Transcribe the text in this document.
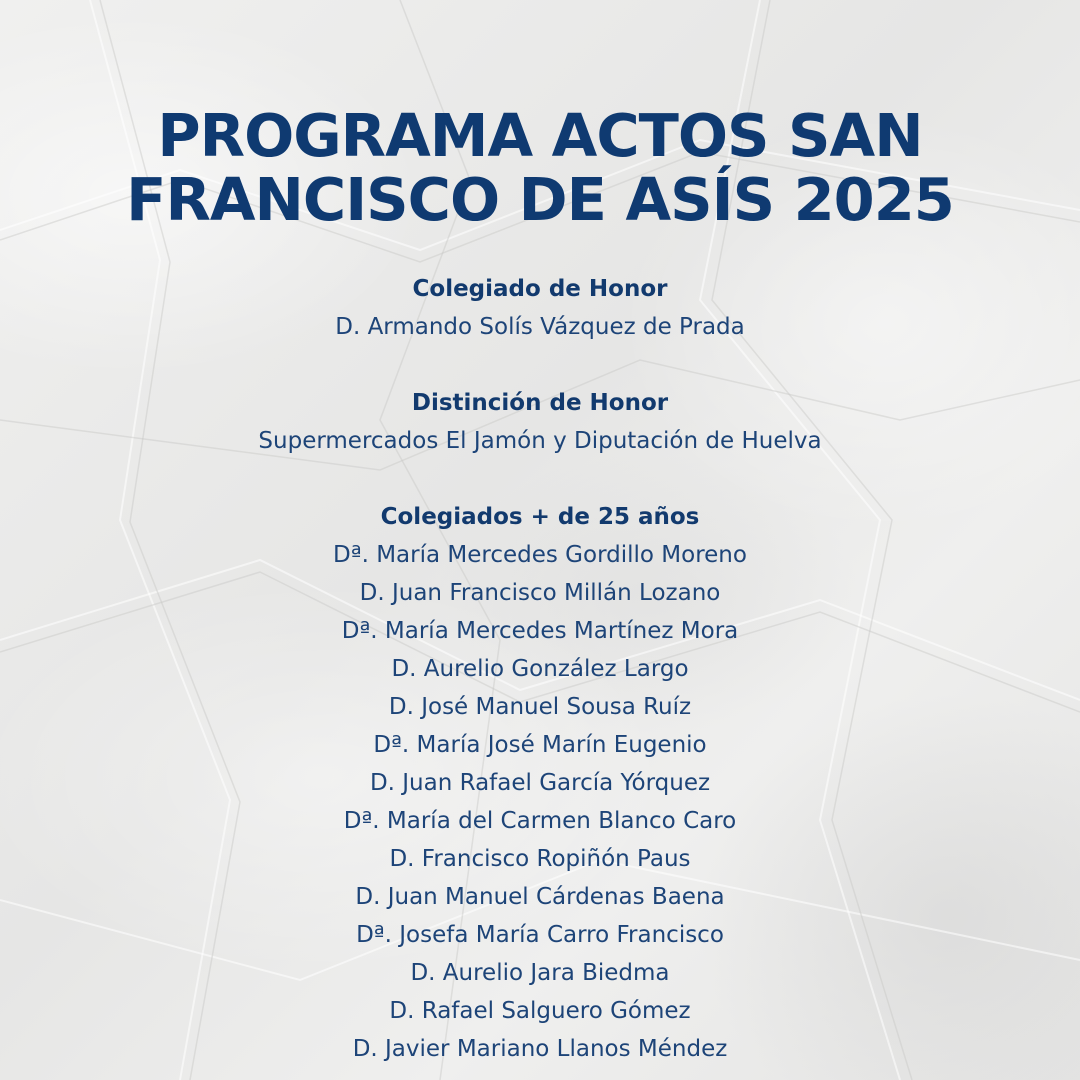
PROGRAMA ACTOS SAN
FRANCISCO DE ASÍS 2025
Colegiado de Honor
D. Armando Solís Vázquez de Prada
Distinción de Honor
Supermercados El Jamón y Diputación de Huelva
Colegiados + de 25 años
Dª. María Mercedes Gordillo Moreno
D. Juan Francisco Millán Lozano
Dª. María Mercedes Martínez Mora
D. Aurelio González Largo
D. José Manuel Sousa Ruíz
Dª. María José Marín Eugenio
D. Juan Rafael García Yórquez
Dª. María del Carmen Blanco Caro
D. Francisco Ropiñón Paus
D. Juan Manuel Cárdenas Baena
Dª. Josefa María Carro Francisco
D. Aurelio Jara Biedma
D. Rafael Salguero Gómez
D. Javier Mariano Llanos Méndez
